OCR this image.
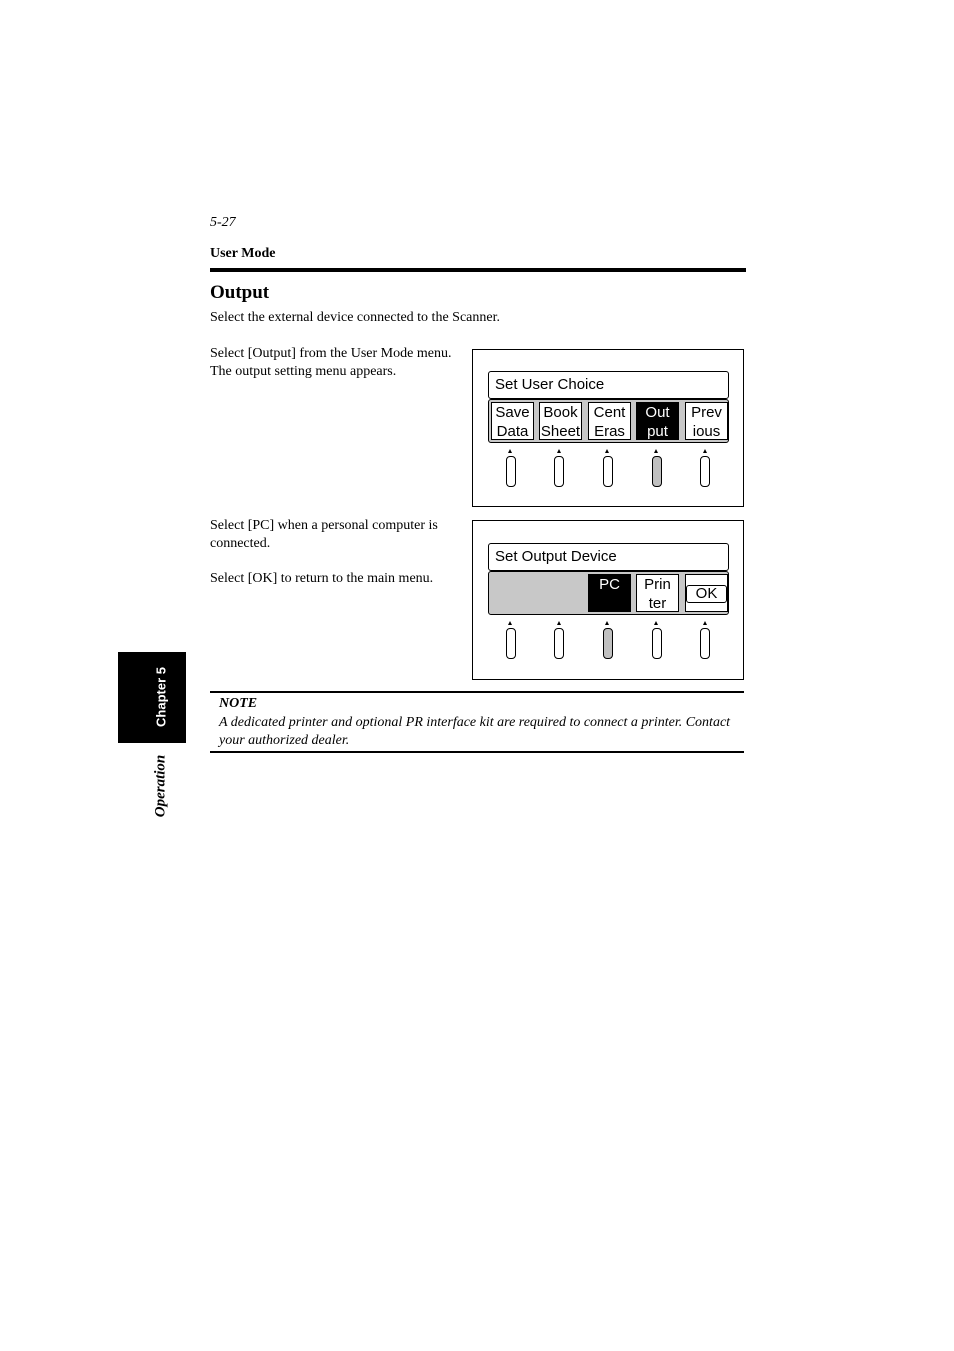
5-27
User Mode
Output
Select the external device connected to the Scanner.
Select [Output] from the User Mode menu.
The output setting menu appears.
Select [PC] when a personal computer is
connected.
Select [OK] to return to the main menu.
Set User Choice
Save
Data
Book
Sheet
Cent
Eras
Out
put
Prev
ious
Set Output Device
PC	Prin
ter
OK
NOTE
A dedicated printer and optional PR interface kit are required to connect a printer. Contact your authorized dealer.
Chapter 5
Operation
